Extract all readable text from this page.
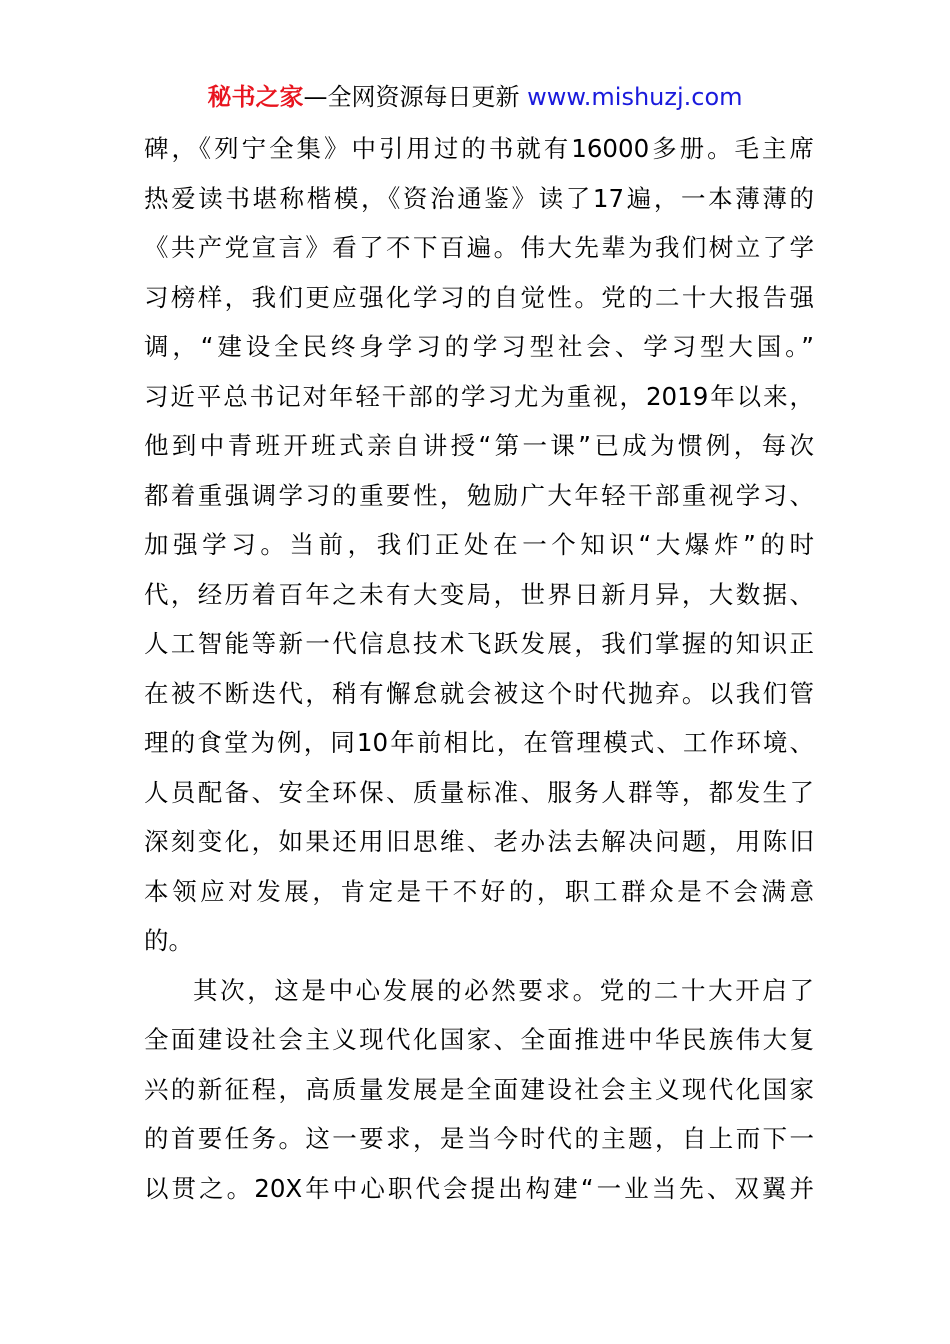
秘书之家—全网资源每日更新 www.mishuzj.com
碑，《列宁全集》中引用过的书就有16000多册。毛主席
热爱读书堪称楷模，《资治通鉴》读了17遍，一本薄薄的
《共产党宣言》看了不下百遍。伟大先辈为我们树立了学
习榜样，我们更应强化学习的自觉性。党的二十大报告强
调，“建设全民终身学习的学习型社会、学习型大国。”
习近平总书记对年轻干部的学习尤为重视，2019年以来，
他到中青班开班式亲自讲授“第一课”已成为惯例，每次
都着重强调学习的重要性，勉励广大年轻干部重视学习、
加强学习。当前，我们正处在一个知识“大爆炸”的时
代，经历着百年之未有大变局，世界日新月异，大数据、
人工智能等新一代信息技术飞跃发展，我们掌握的知识正
在被不断迭代，稍有懈怠就会被这个时代抛弃。以我们管
理的食堂为例，同10年前相比，在管理模式、工作环境、
人员配备、安全环保、质量标准、服务人群等，都发生了
深刻变化，如果还用旧思维、老办法去解决问题，用陈旧
本领应对发展，肯定是干不好的，职工群众是不会满意
的。
其次，这是中心发展的必然要求。党的二十大开启了
全面建设社会主义现代化国家、全面推进中华民族伟大复
兴的新征程，高质量发展是全面建设社会主义现代化国家
的首要任务。这一要求，是当今时代的主题，自上而下一
以贯之。20X年中心职代会提出构建“一业当先、双翼并
